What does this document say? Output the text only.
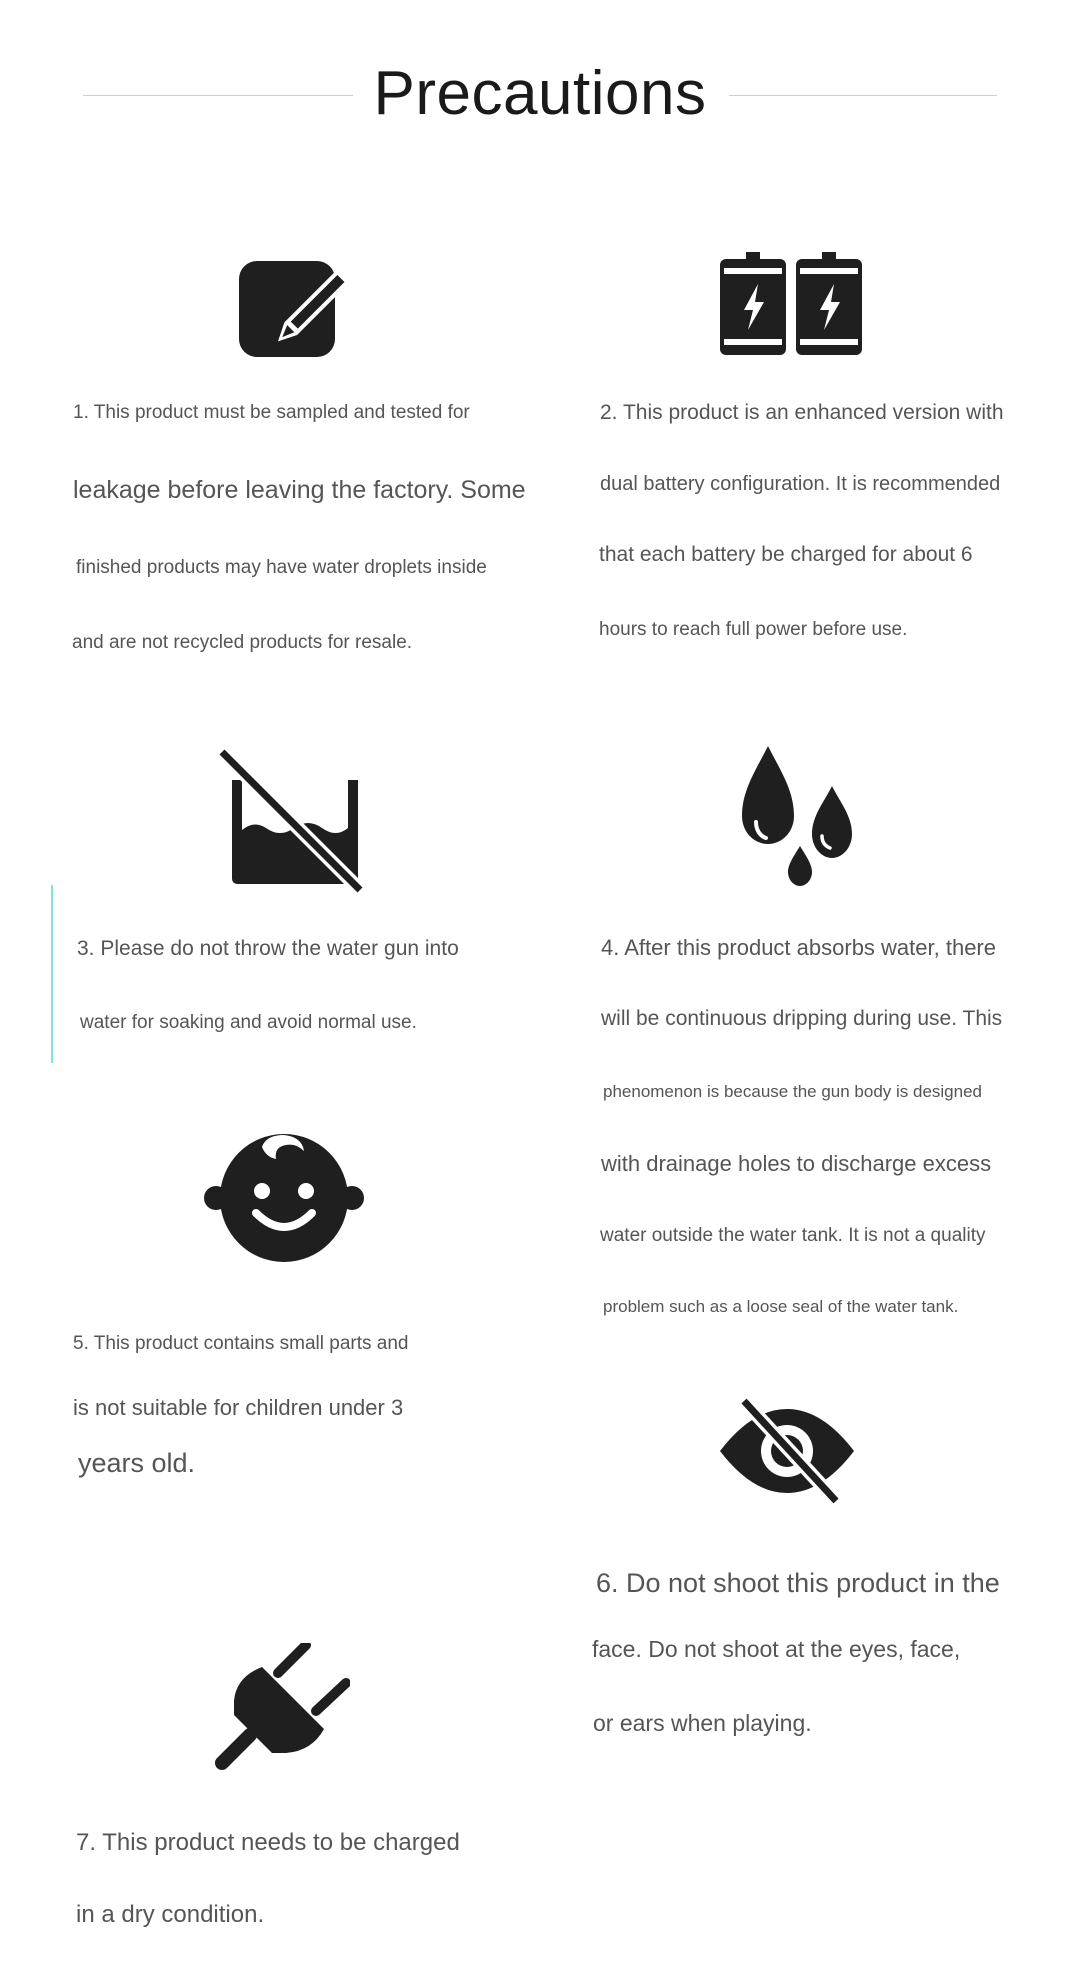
Precautions
1. This product must be sampled and tested for
leakage before leaving the factory. Some
finished products may have water droplets inside
and are not recycled products for resale.
2. This product is an enhanced version with
dual battery configuration. It is recommended
that each battery be charged for about 6
hours to reach full power before use.
3. Please do not throw the water gun into
water for soaking and avoid normal use.
4. After this product absorbs water, there
will be continuous dripping during use. This
phenomenon is because the gun body is designed
with drainage holes to discharge excess
water outside the water tank. It is not a quality
problem such as a loose seal of the water tank.
5. This product contains small parts and
is not suitable for children under 3
years old.
6. Do not shoot this product in the
face. Do not shoot at the eyes, face,
or ears when playing.
7. This product needs to be charged
in a dry condition.
